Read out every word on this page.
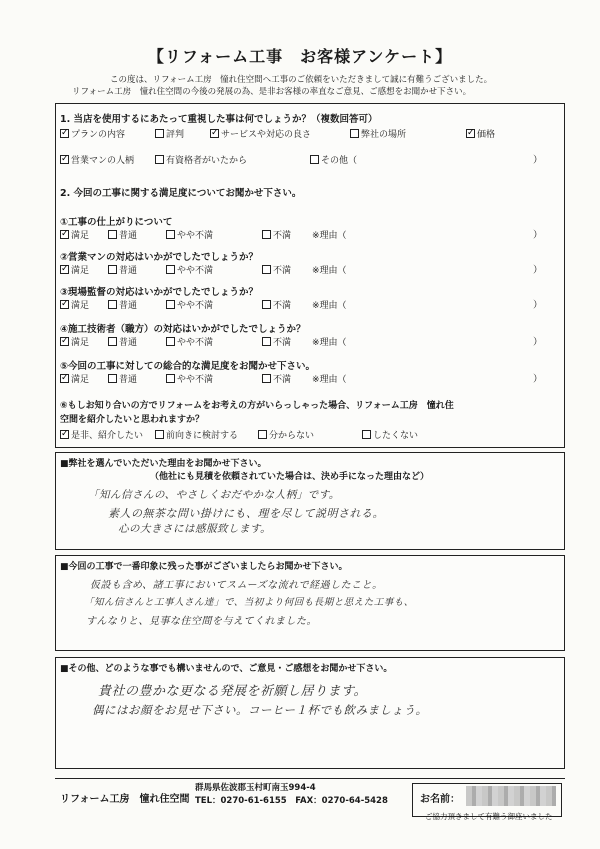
【リフォーム工事　お客様アンケート】
この度は、リフォーム工房　憧れ住空間へ工事のご依頼をいただきまして誠に有難うございました。
リフォーム工房　憧れ住空間の今後の発展の為、是非お客様の率直なご意見、ご感想をお聞かせ下さい。
1. 当店を使用するにあたって重視した事は何でしょうか？（複数回答可）
✓
プランの内容	評判 ✓	サービスや対応の良さ	弊社の場所 ✓	価格
✓
営業マンの人柄	有資格者がいたから	その他（	）
2. 今回の工事に関する満足度についてお聞かせ下さい。
①工事の仕上がりについて
✓
満足	普通	やや不満	不満 ※理由（	）
②営業マンの対応はいかがでしたでしょうか？
✓
満足	普通	やや不満	不満 ※理由（	）
③現場監督の対応はいかがでしたでしょうか？
✓
満足	普通	やや不満	不満 ※理由（	）
④施工技術者（職方）の対応はいかがでしたでしょうか？
✓
満足	普通	やや不満	不満 ※理由（	）
⑤今回の工事に対しての総合的な満足度をお聞かせ下さい。
✓
満足	普通	やや不満	不満 ※理由（	）
⑥もしお知り合いの方でリフォームをお考えの方がいらっしゃった場合、リフォーム工房　憧れ住
空間を紹介したいと思われますか？
✓
是非、紹介したい	前向きに検討する	分からない	したくない
■弊社を選んでいただいた理由をお聞かせ下さい。
（他社にも見積を依頼されていた場合は、決め手になった理由など）
「知ん信さんの、やさしくおだやかな人柄」です。
素人の無茶な問い掛けにも、理を尽して説明される。
心の大きさには感服致します。
■今回の工事で一番印象に残った事がございましたらお聞かせ下さい。
仮設も含め、諸工事においてスムーズな流れで経過したこと。
「知ん信さんと工事人さん達」で、当初より何回も長期と思えた工事も、
すんなりと、見事な住空間を与えてくれました。
■その他、どのような事でも構いませんので、ご意見・ご感想をお聞かせ下さい。
貴社の豊かな更なる発展を祈願し居ります。
偶にはお顔をお見せ下さい。コーヒー１杯でも飲みましょう。
リフォーム工房　憧れ住空間
群馬県佐波郡玉村町南玉994-4
TEL：0270-61-6155　FAX：0270-64-5428	お名前：
ご協力頂きまして有難う御座いました
